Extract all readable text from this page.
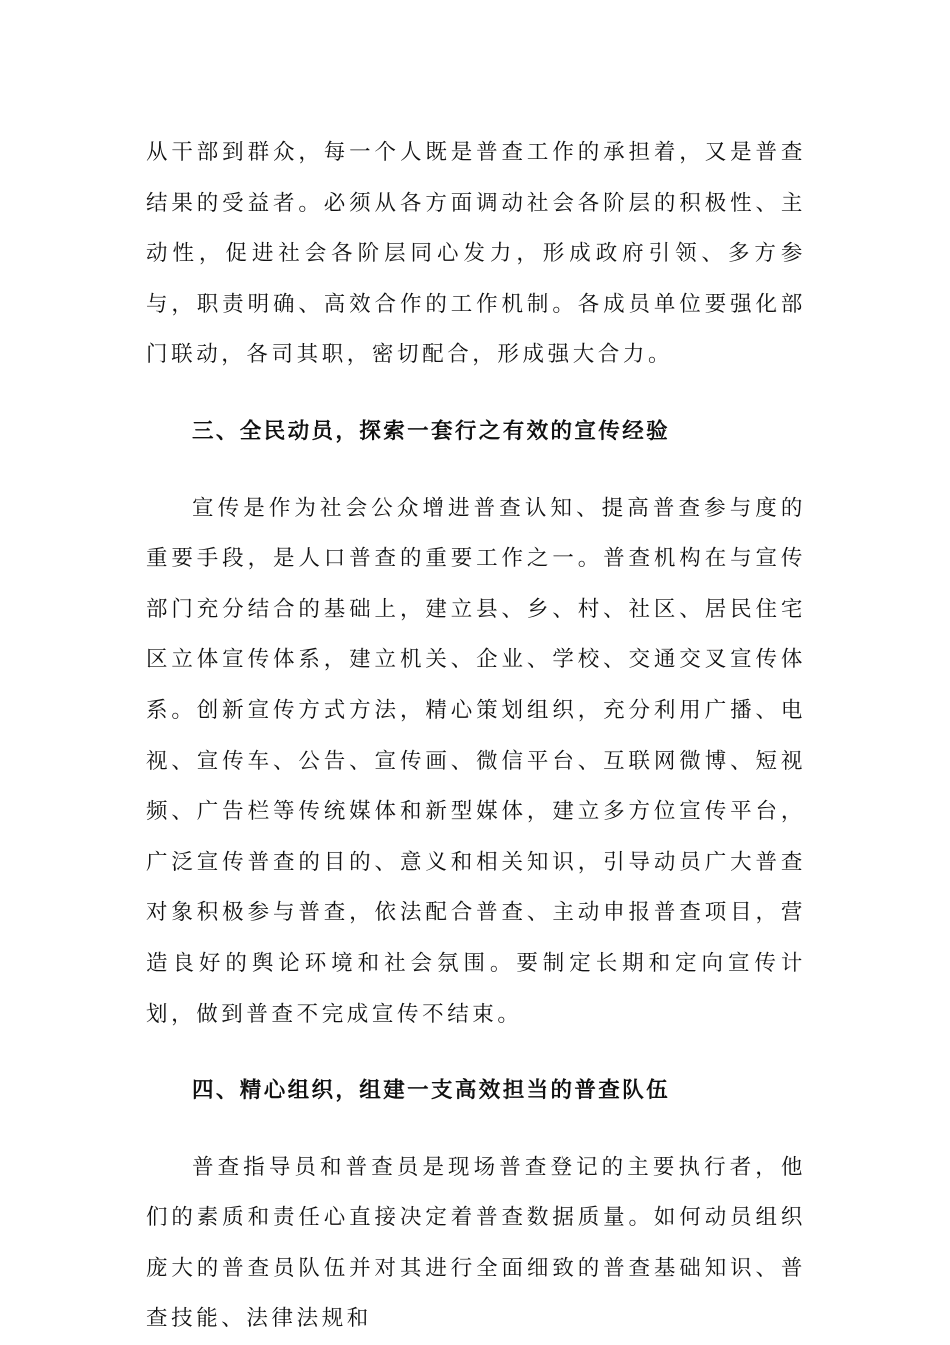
从干部到群众，每一个人既是普查工作的承担着，又是普查结果的受益者。必须从各方面调动社会各阶层的积极性、主动性，促进社会各阶层同心发力，形成政府引领、多方参与，职责明确、高效合作的工作机制。各成员单位要强化部门联动，各司其职，密切配合，形成强大合力。

三、全民动员，探索一套行之有效的宣传经验

宣传是作为社会公众增进普查认知、提高普查参与度的重要手段，是人口普查的重要工作之一。普查机构在与宣传部门充分结合的基础上，建立县、乡、村、社区、居民住宅区立体宣传体系，建立机关、企业、学校、交通交叉宣传体系。创新宣传方式方法，精心策划组织，充分利用广播、电视、宣传车、公告、宣传画、微信平台、互联网微博、短视频、广告栏等传统媒体和新型媒体，建立多方位宣传平台，广泛宣传普查的目的、意义和相关知识，引导动员广大普查对象积极参与普查，依法配合普查、主动申报普查项目，营造良好的舆论环境和社会氛围。要制定长期和定向宣传计划，做到普查不完成宣传不结束。

四、精心组织，组建一支高效担当的普查队伍

普查指导员和普查员是现场普查登记的主要执行者，他们的素质和责任心直接决定着普查数据质量。如何动员组织庞大的普查员队伍并对其进行全面细致的普查基础知识、普查技能、法律法规和
